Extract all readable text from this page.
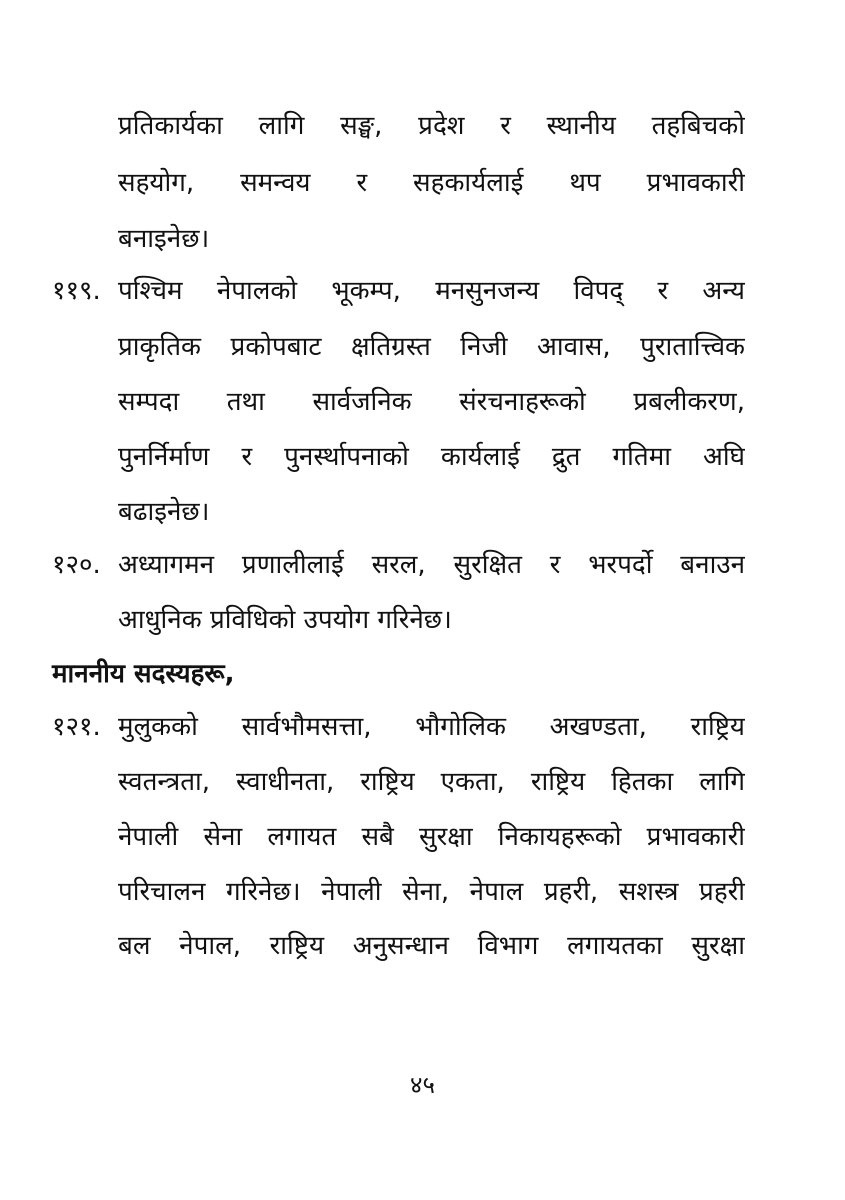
प्रतिकार्यका लागि सङ्घ, प्रदेश र स्थानीय तहबिचको
सहयोग, समन्वय र सहकार्यलाई थप प्रभावकारी
बनाइनेछ।
११९. पश्चिम नेपालको भूकम्प, मनसुनजन्य विपद् र अन्य
प्राकृतिक प्रकोपबाट क्षतिग्रस्त निजी आवास, पुरातात्त्विक
सम्पदा तथा सार्वजनिक संरचनाहरूको प्रबलीकरण,
पुनर्निर्माण र पुनर्स्थापनाको कार्यलाई द्रुत गतिमा अघि
बढाइनेछ।
१२०. अध्यागमन प्रणालीलाई सरल, सुरक्षित र भरपर्दो बनाउन
आधुनिक प्रविधिको उपयोग गरिनेछ।
माननीय सदस्यहरू,
१२१. मुलुकको सार्वभौमसत्ता, भौगोलिक अखण्डता, राष्ट्रिय
स्वतन्त्रता, स्वाधीनता, राष्ट्रिय एकता, राष्ट्रिय हितका लागि
नेपाली सेना लगायत सबै सुरक्षा निकायहरूको प्रभावकारी
परिचालन गरिनेछ। नेपाली सेना, नेपाल प्रहरी, सशस्त्र प्रहरी
बल नेपाल, राष्ट्रिय अनुसन्धान विभाग लगायतका सुरक्षा
४५
